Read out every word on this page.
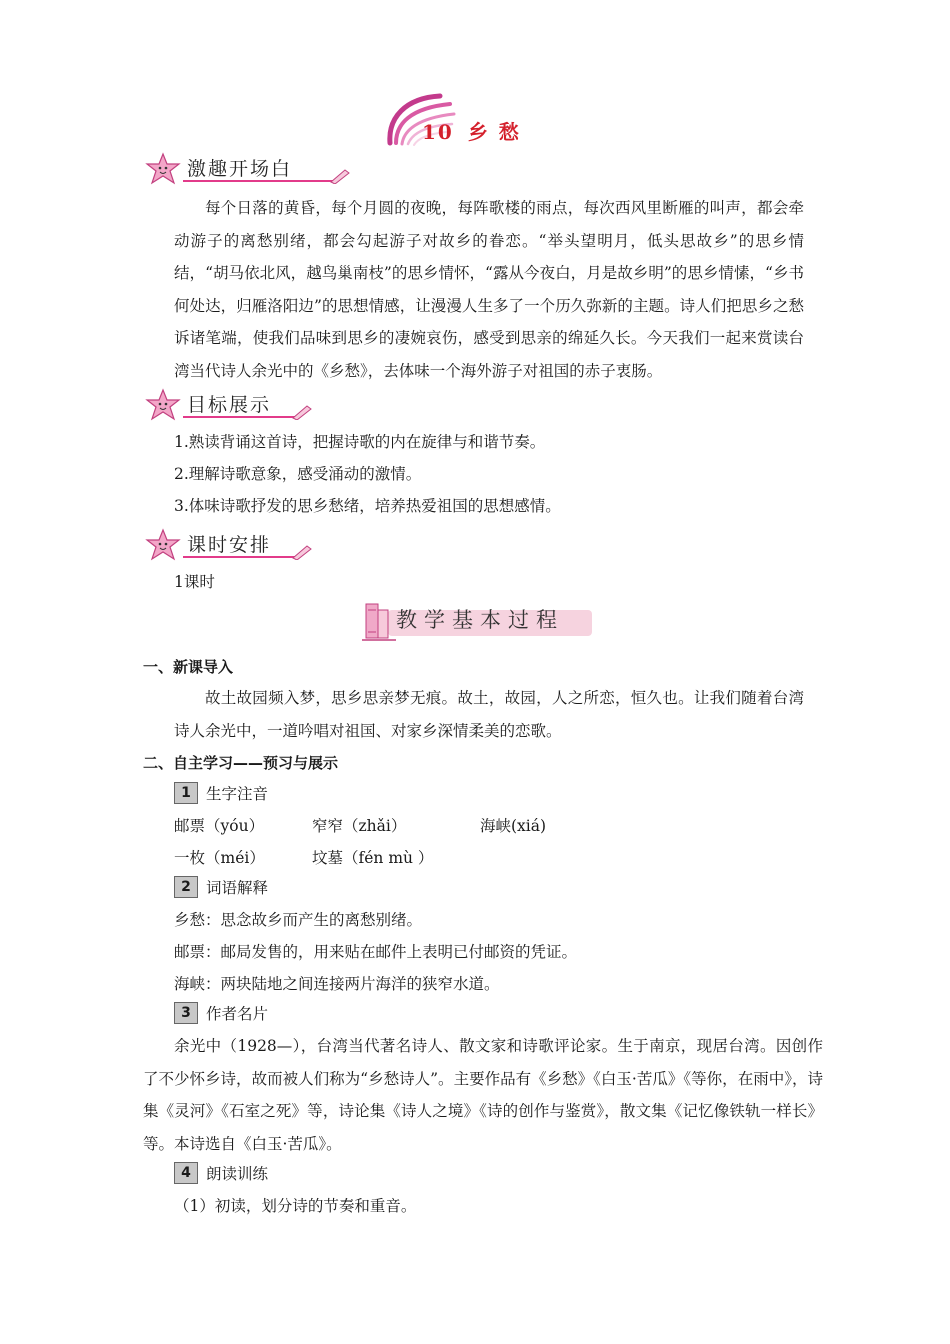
10 乡 愁
激趣开场白

每个日落的黄昏，每个月圆的夜晚，每阵歌楼的雨点，每次西风里断雁的叫声，都会牵动游子的离愁别绪，都会勾起游子对故乡的眷恋。“举头望明月，低头思故乡”的思乡情结，“胡马依北风，越鸟巢南枝”的思乡情怀，“露从今夜白，月是故乡明”的思乡情愫，“乡书何处达，归雁洛阳边”的思想情感，让漫漫人生多了一个历久弥新的主题。诗人们把思乡之愁诉诸笔端，使我们品味到思乡的凄婉哀伤，感受到思亲的绵延久长。今天我们一起来赏读台湾当代诗人余光中的《乡愁》，去体味一个海外游子对祖国的赤子衷肠。

目标展示
1.熟读背诵这首诗，把握诗歌的内在旋律与和谐节奏。
2.理解诗歌意象，感受涌动的激情。
3.体味诗歌抒发的思乡愁绪，培养热爱祖国的思想感情。
课时安排
1课时
教学基本过程
一、新课导入

故土故园频入梦，思乡思亲梦无痕。故土，故园，人之所恋，恒久也。让我们随着台湾诗人余光中，一道吟唱对祖国、对家乡深情柔美的恋歌。

二、自主学习——预习与展示
1 生字注音
邮票（yóu）	窄窄（zhǎi）	海峡(xiá)
一枚（méi）	坟墓（fén mù ）
2 词语解释
乡愁：思念故乡而产生的离愁别绪。
邮票：邮局发售的，用来贴在邮件上表明已付邮资的凭证。
海峡：两块陆地之间连接两片海洋的狭窄水道。
3 作者名片

余光中（1928—），台湾当代著名诗人、散文家和诗歌评论家。生于南京，现居台湾。因创作了不少怀乡诗，故而被人们称为“乡愁诗人”。主要作品有《乡愁》《白玉·苦瓜》《等你，在雨中》，诗集《灵河》《石室之死》等，诗论集《诗人之境》《诗的创作与鉴赏》，散文集《记忆像铁轨一样长》等。本诗选自《白玉·苦瓜》。

4 朗读训练
（1）初读，划分诗的节奏和重音。
